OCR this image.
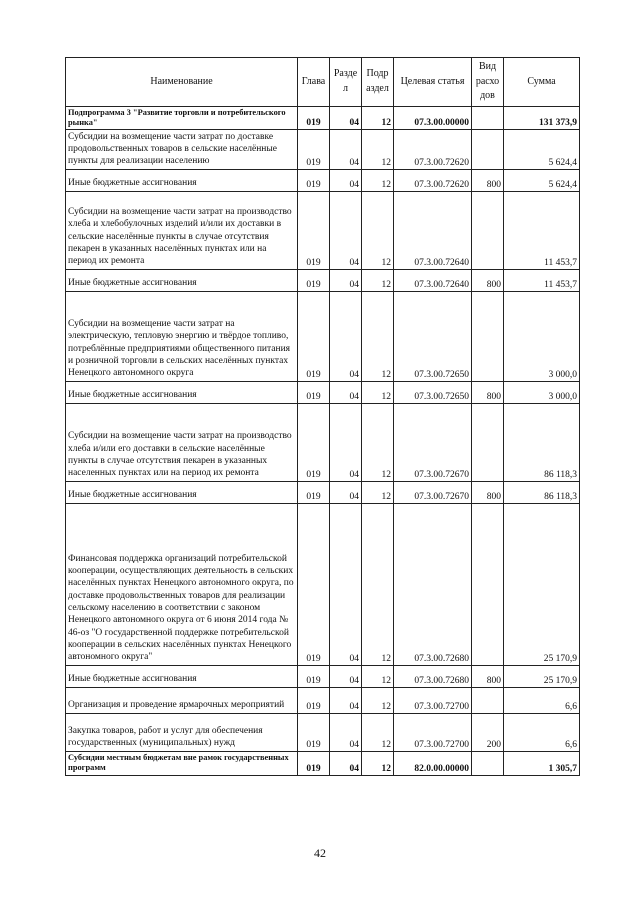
Наименование	Глава	Разде л	Подр аздел	Целевая статья	Вид расхо дов	Сумма
Подпрограмма 3 "Развитие торговли и потребительского рынка"	019	04	12	07.3.00.00000		131 373,9
Субсидии на возмещение части затрат по доставке продовольственных товаров в сельские населённые пункты для реализации населению	019	04	12	07.3.00.72620		5 624,4
Иные бюджетные ассигнования	019	04	12	07.3.00.72620	800	5 624,4
Субсидии на возмещение части затрат на производство хлеба и хлебобулочных изделий и/или их доставки в сельские населённые пункты в случае отсутствия пекарен в указанных населённых пунктах или на период их ремонта	019	04	12	07.3.00.72640		11 453,7
Иные бюджетные ассигнования	019	04	12	07.3.00.72640	800	11 453,7
Субсидии на возмещение части затрат на электрическую, тепловую энергию и твёрдое топливо, потреблённые предприятиями общественного питания и розничной торговли в сельских населённых пунктах Ненецкого автономного округа	019	04	12	07.3.00.72650		3 000,0
Иные бюджетные ассигнования	019	04	12	07.3.00.72650	800	3 000,0
Субсидии на возмещение части затрат на производство хлеба и/или его доставки в сельские населённые пункты в случае отсутствия пекарен в указанных населенных пунктах или на период их ремонта	019	04	12	07.3.00.72670		86 118,3
Иные бюджетные ассигнования	019	04	12	07.3.00.72670	800	86 118,3
Финансовая поддержка организаций потребительской кооперации, осуществляющих деятельность в сельских населённых пунктах Ненецкого автономного округа, по доставке продовольственных товаров для реализации сельскому населению в соответствии с законом Ненецкого автономного округа от 6 июня 2014 года № 46-оз "О государственной поддержке потребительской кооперации в сельских населённых пунктах Ненецкого автономного округа"	019	04	12	07.3.00.72680		25 170,9
Иные бюджетные ассигнования	019	04	12	07.3.00.72680	800	25 170,9
Организация и проведение ярмарочных мероприятий	019	04	12	07.3.00.72700		6,6
Закупка товаров, работ и услуг для обеспечения государственных (муниципальных) нужд	019	04	12	07.3.00.72700	200	6,6
Субсидии местным бюджетам вне рамок государственных программ	019	04	12	82.0.00.00000		1 305,7
42
